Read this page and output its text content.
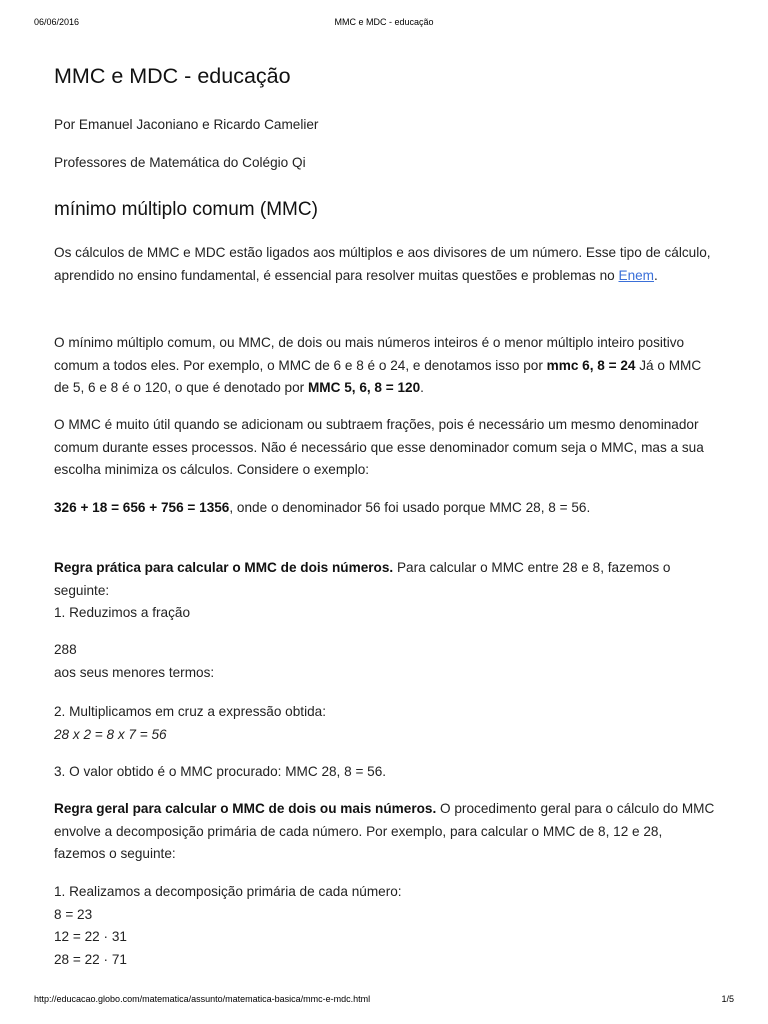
06/06/2016	MMC e MDC - educação
MMC e MDC - educação

Por Emanuel Jaconiano e Ricardo Camelier

Professores de Matemática do Colégio Qi

mínimo múltiplo comum (MMC)

Os cálculos de MMC e MDC estão ligados aos múltiplos e aos divisores de um número. Esse tipo de cálculo, aprendido no ensino fundamental, é essencial para resolver muitas questões e problemas no Enem.

O mínimo múltiplo comum, ou MMC, de dois ou mais números inteiros é o menor múltiplo inteiro positivo comum a todos eles. Por exemplo, o MMC de 6 e 8 é o 24, e denotamos isso por mmc 6, 8 = 24 Já o MMC de 5, 6 e 8 é o 120, o que é denotado por MMC 5, 6, 8 = 120.

O MMC é muito útil quando se adicionam ou subtraem frações, pois é necessário um mesmo denominador comum durante esses processos. Não é necessário que esse denominador comum seja o MMC, mas a sua escolha minimiza os cálculos. Considere o exemplo:

326 + 18 = 656 + 756 = 1356, onde o denominador 56 foi usado porque MMC 28, 8 = 56.

Regra prática para calcular o MMC de dois números. Para calcular o MMC entre 28 e 8, fazemos o seguinte:
1. Reduzimos a fração

288
aos seus menores termos:

2. Multiplicamos em cruz a expressão obtida:
28 x 2 = 8 x 7 = 56

3. O valor obtido é o MMC procurado: MMC 28, 8 = 56.

Regra geral para calcular o MMC de dois ou mais números. O procedimento geral para o cálculo do MMC envolve a decomposição primária de cada número. Por exemplo, para calcular o MMC de 8, 12 e 28, fazemos o seguinte:

1. Realizamos a decomposição primária de cada número:
8 = 23
12 = 22 · 31
28 = 22 · 71

http://educacao.globo.com/matematica/assunto/matematica-basica/mmc-e-mdc.html	1/5
